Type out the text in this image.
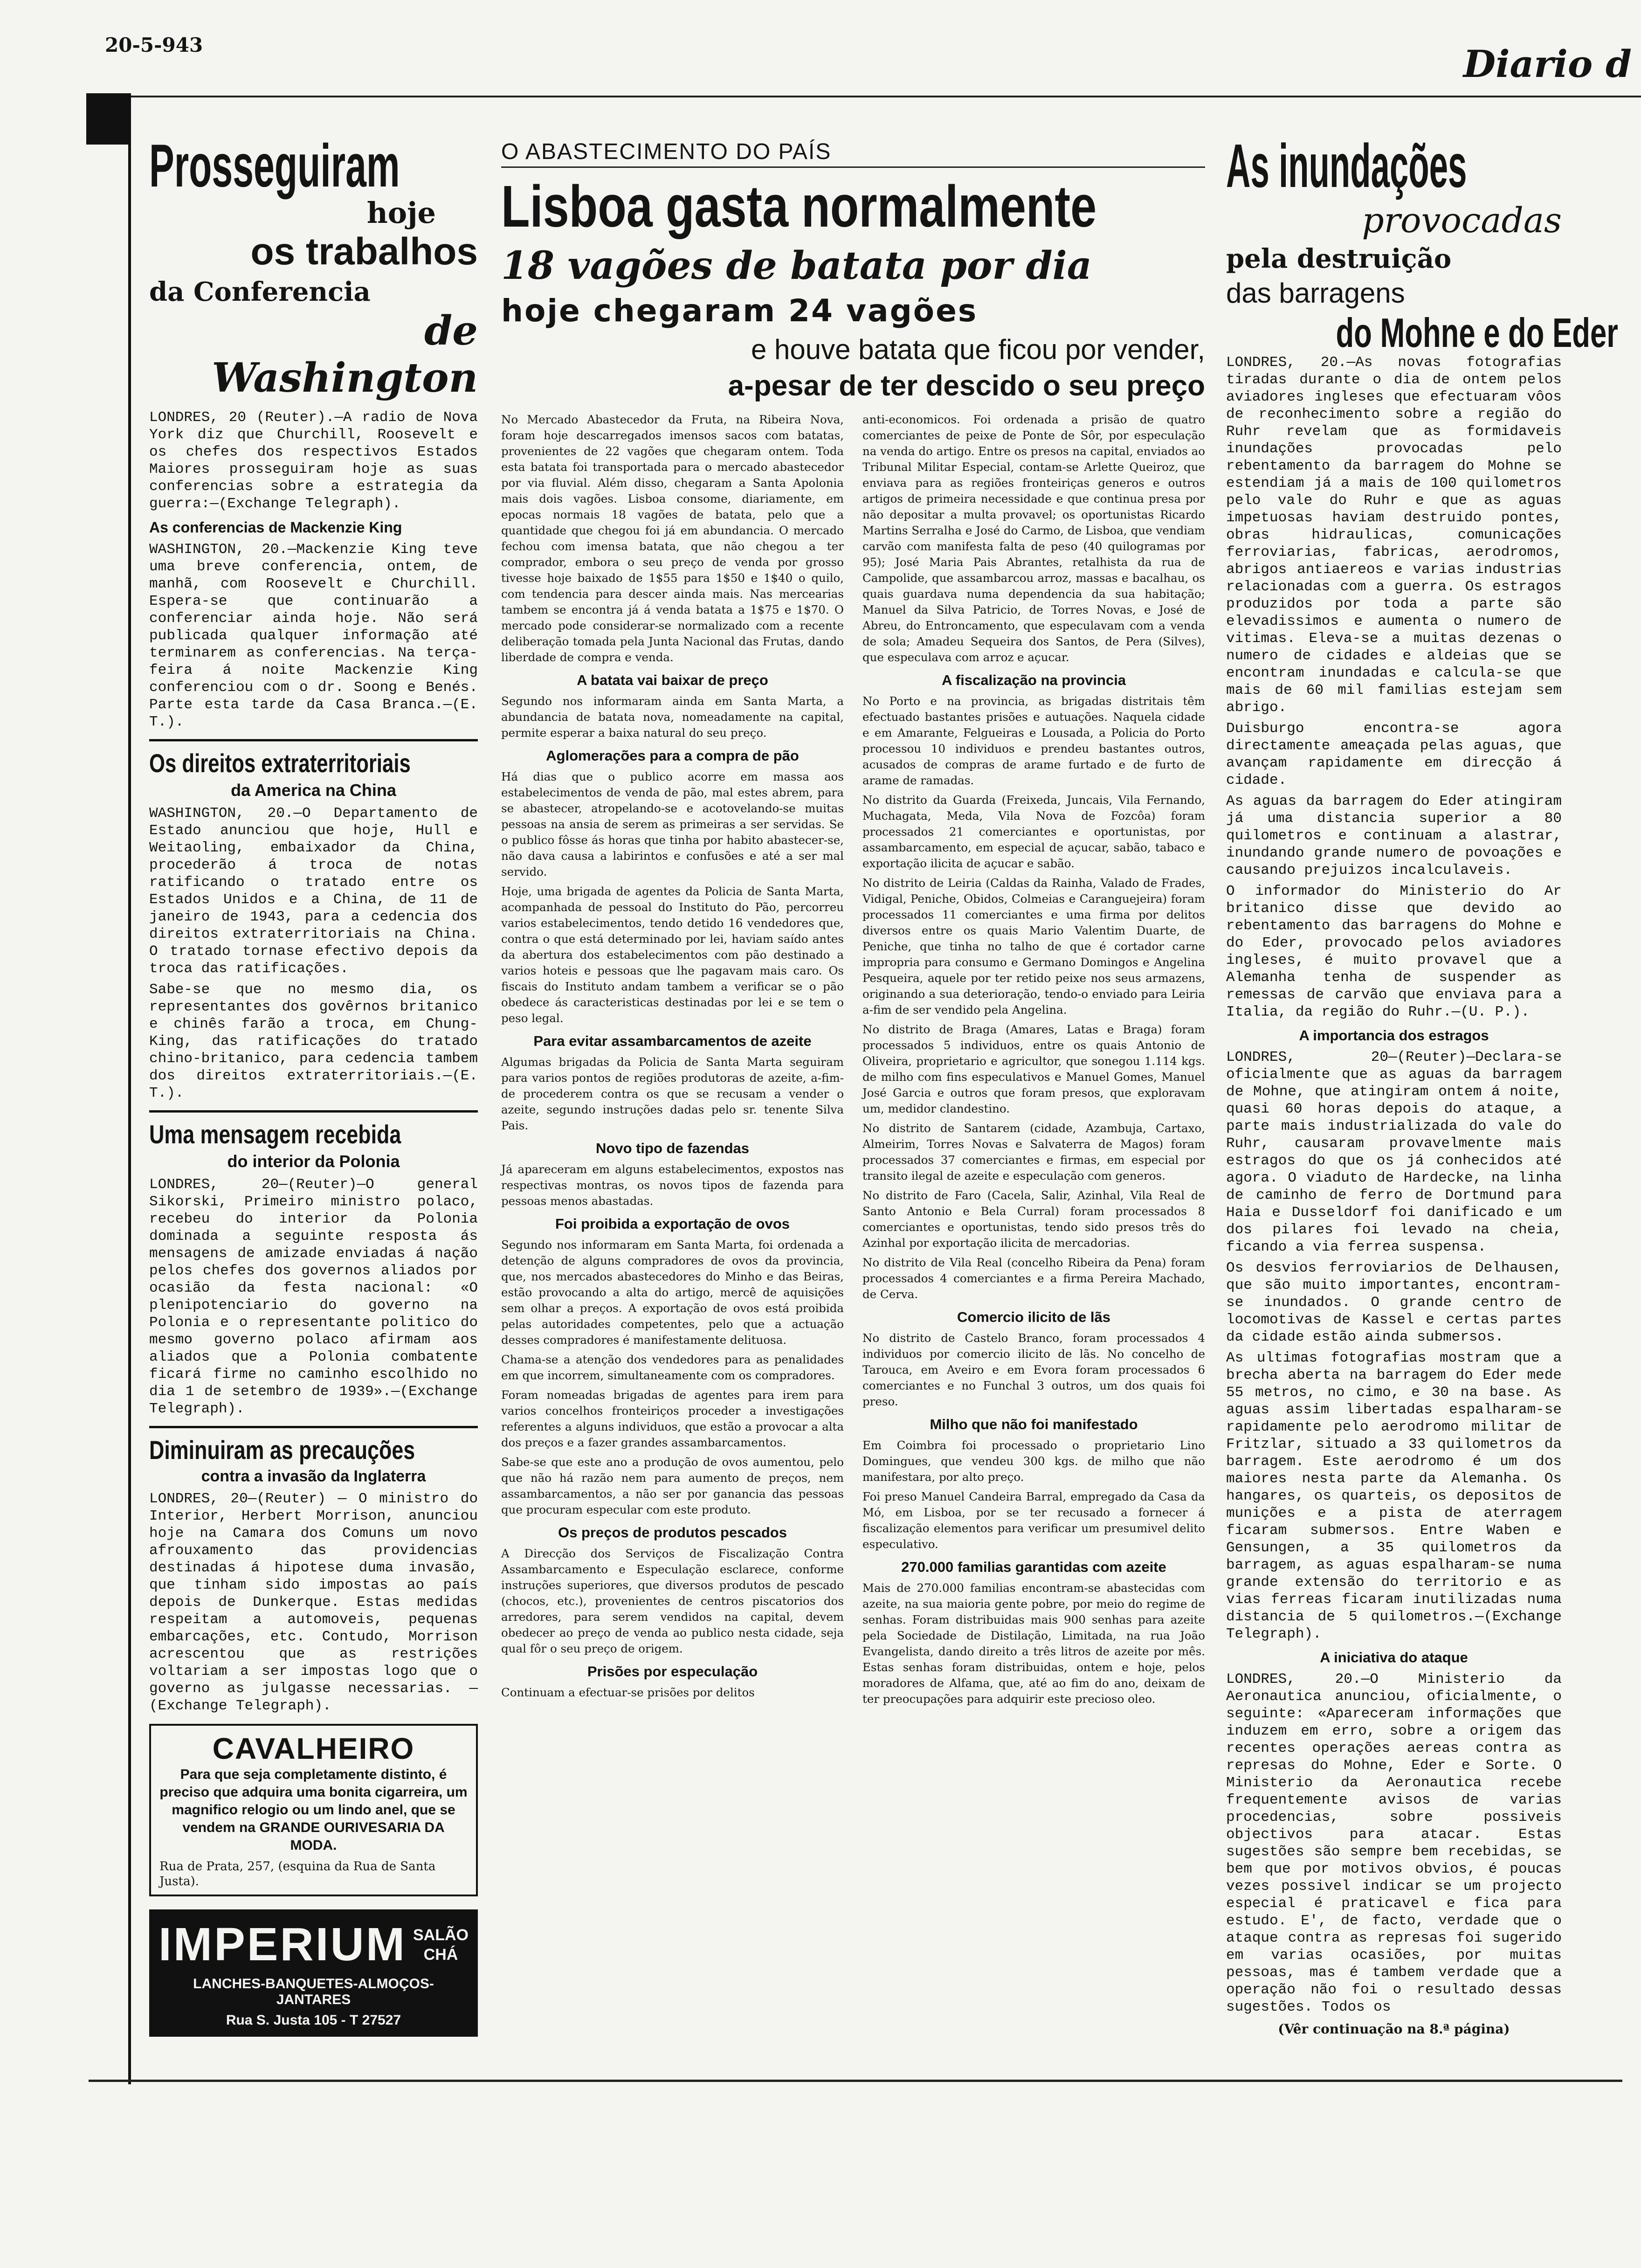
20-5-943	Diario d
Prosseguiram
hoje
os trabalhos
da Conferencia
de Washington

LONDRES, 20 (Reuter).—A radio de Nova York diz que Churchill, Roosevelt e os chefes dos respectivos Estados Maiores prosseguiram hoje as suas conferencias sobre a estrategia da guerra:—(Exchange Telegraph).

As conferencias de Mackenzie King

WASHINGTON, 20.—Mackenzie King teve uma breve conferencia, ontem, de manhã, com Roosevelt e Churchill. Espera-se que continuarão a conferenciar ainda hoje. Não será publicada qualquer informação até terminarem as conferencias. Na terça-feira á noite Mackenzie King conferenciou com o dr. Soong e Benés. Parte esta tarde da Casa Branca.—(E. T.).

Os direitos extraterritoriais
da America na China

WASHINGTON, 20.—O Departamento de Estado anunciou que hoje, Hull e Weitaoling, embaixador da China, procederão á troca de notas ratificando o tratado entre os Estados Unidos e a China, de 11 de janeiro de 1943, para a cedencia dos direitos extraterritoriais na China. O tratado tornase efectivo depois da troca das ratificações.

Sabe-se que no mesmo dia, os representantes dos govêrnos britanico e chinês farão a troca, em Chung-King, das ratificações do tratado chino-britanico, para cedencia tambem dos direitos extraterritoriais.—(E. T.).

Uma mensagem recebida
do interior da Polonia

LONDRES, 20—(Reuter)—O general Sikorski, Primeiro ministro polaco, recebeu do interior da Polonia dominada a seguinte resposta ás mensagens de amizade enviadas á nação pelos chefes dos governos aliados por ocasião da festa nacional: «O plenipotenciario do governo na Polonia e o representante politico do mesmo governo polaco afirmam aos aliados que a Polonia combatente ficará firme no caminho escolhido no dia 1 de setembro de 1939».—(Exchange Telegraph).

Diminuiram as precauções
contra a invasão da Inglaterra

LONDRES, 20—(Reuter) — O ministro do Interior, Herbert Morrison, anunciou hoje na Camara dos Comuns um novo afrouxamento das providencias destinadas á hipotese duma invasão, que tinham sido impostas ao país depois de Dunkerque. Estas medidas respeitam a automoveis, pequenas embarcações, etc. Contudo, Morrison acrescentou que as restrições voltariam a ser impostas logo que o governo as julgasse necessarias. — (Exchange Telegraph).

CAVALHEIRO
Para que seja completamente distinto, é preciso que adquira uma bonita cigarreira, um magnifico relogio ou um lindo anel, que se vendem na GRANDE OURIVESARIA DA MODA.
Rua de Prata, 257, (esquina da Rua de Santa Justa).
IMPERIUM SALÃO
CHÁ
LANCHES-BANQUETES-ALMOÇOS-JANTARES
Rua S. Justa 105 - T 27527
O ABASTECIMENTO DO PAÍS
Lisboa gasta normalmente
18 vagões de batata por dia
hoje chegaram 24 vagões
e houve batata que ficou por vender,
a-pesar de ter descido o seu preço

No Mercado Abastecedor da Fruta, na Ribeira Nova, foram hoje descarregados imensos sacos com batatas, provenientes de 22 vagões que chegaram ontem. Toda esta batata foi transportada para o mercado abastecedor por via fluvial. Além disso, chegaram a Santa Apolonia mais dois vagões. Lisboa consome, diariamente, em epocas normais 18 vagões de batata, pelo que a quantidade que chegou foi já em abundancia. O mercado fechou com imensa batata, que não chegou a ter comprador, embora o seu preço de venda por grosso tivesse hoje baixado de 1$55 para 1$50 e 1$40 o quilo, com tendencia para descer ainda mais. Nas mercearias tambem se encontra já á venda batata a 1$75 e 1$70. O mercado pode considerar-se normalizado com a recente deliberação tomada pela Junta Nacional das Frutas, dando liberdade de compra e venda.

A batata vai baixar de preço

Segundo nos informaram ainda em Santa Marta, a abundancia de batata nova, nomeadamente na capital, permite esperar a baixa natural do seu preço.

Aglomerações para a compra de pão

Há dias que o publico acorre em massa aos estabelecimentos de venda de pão, mal estes abrem, para se abastecer, atropelando-se e acotovelando-se muitas pessoas na ansia de serem as primeiras a ser servidas. Se o publico fôsse ás horas que tinha por habito abastecer-se, não dava causa a labirintos e confusões e até a ser mal servido.

Hoje, uma brigada de agentes da Policia de Santa Marta, acompanhada de pessoal do Instituto do Pão, percorreu varios estabelecimentos, tendo detido 16 vendedores que, contra o que está determinado por lei, haviam saído antes da abertura dos estabelecimentos com pão destinado a varios hoteis e pessoas que lhe pagavam mais caro. Os fiscais do Instituto andam tambem a verificar se o pão obedece ás caracteristicas destinadas por lei e se tem o peso legal.

Para evitar assambarcamentos de azeite

Algumas brigadas da Policia de Santa Marta seguiram para varios pontos de regiões produtoras de azeite, a-fim-de procederem contra os que se recusam a vender o azeite, segundo instruções dadas pelo sr. tenente Silva Pais.

Novo tipo de fazendas

Já apareceram em alguns estabelecimentos, expostos nas respectivas montras, os novos tipos de fazenda para pessoas menos abastadas.

Foi proibida a exportação de ovos

Segundo nos informaram em Santa Marta, foi ordenada a detenção de alguns compradores de ovos da provincia, que, nos mercados abastecedores do Minho e das Beiras, estão provocando a alta do artigo, mercê de aquisições sem olhar a preços. A exportação de ovos está proibida pelas autoridades competentes, pelo que a actuação desses compradores é manifestamente delituosa.

Chama-se a atenção dos vendedores para as penalidades em que incorrem, simultaneamente com os compradores.

Foram nomeadas brigadas de agentes para irem para varios concelhos fronteiriços proceder a investigações referentes a alguns individuos, que estão a provocar a alta dos preços e a fazer grandes assambarcamentos.

Sabe-se que este ano a produção de ovos aumentou, pelo que não há razão nem para aumento de preços, nem assambarcamentos, a não ser por ganancia das pessoas que procuram especular com este produto.

Os preços de produtos pescados

A Direcção dos Serviços de Fiscalização Contra Assambarcamento e Especulação esclarece, conforme instruções superiores, que diversos produtos de pescado (chocos, etc.), provenientes de centros piscatorios dos arredores, para serem vendidos na capital, devem obedecer ao preço de venda ao publico nesta cidade, seja qual fôr o seu preço de origem.

Prisões por especulação

Continuam a efectuar-se prisões por delitos

anti-economicos. Foi ordenada a prisão de quatro comerciantes de peixe de Ponte de Sôr, por especulação na venda do artigo. Entre os presos na capital, enviados ao Tribunal Militar Especial, contam-se Arlette Queiroz, que enviava para as regiões fronteiriças generos e outros artigos de primeira necessidade e que continua presa por não depositar a multa provavel; os oportunistas Ricardo Martins Serralha e José do Carmo, de Lisboa, que vendiam carvão com manifesta falta de peso (40 quilogramas por 95); José Maria Pais Abrantes, retalhista da rua de Campolide, que assambarcou arroz, massas e bacalhau, os quais guardava numa dependencia da sua habitação; Manuel da Silva Patricio, de Torres Novas, e José de Abreu, do Entroncamento, que especulavam com a venda de sola; Amadeu Sequeira dos Santos, de Pera (Silves), que especulava com arroz e açucar.

A fiscalização na provincia

No Porto e na provincia, as brigadas distritais têm efectuado bastantes prisões e autuações. Naquela cidade e em Amarante, Felgueiras e Lousada, a Policia do Porto processou 10 individuos e prendeu bastantes outros, acusados de compras de arame furtado e de furto de arame de ramadas.

No distrito da Guarda (Freixeda, Juncais, Vila Fernando, Muchagata, Meda, Vila Nova de Fozcôa) foram processados 21 comerciantes e oportunistas, por assambarcamento, em especial de açucar, sabão, tabaco e exportação ilicita de açucar e sabão.

No distrito de Leiria (Caldas da Rainha, Valado de Frades, Vidigal, Peniche, Obidos, Colmeias e Caranguejeira) foram processados 11 comerciantes e uma firma por delitos diversos entre os quais Mario Valentim Duarte, de Peniche, que tinha no talho de que é cortador carne impropria para consumo e Germano Domingos e Angelina Pesqueira, aquele por ter retido peixe nos seus armazens, originando a sua deterioração, tendo-o enviado para Leiria a-fim de ser vendido pela Angelina.

No distrito de Braga (Amares, Latas e Braga) foram processados 5 individuos, entre os quais Antonio de Oliveira, proprietario e agricultor, que sonegou 1.114 kgs. de milho com fins especulativos e Manuel Gomes, Manuel José Garcia e outros que foram presos, que exploravam um, medidor clandestino.

No distrito de Santarem (cidade, Azambuja, Cartaxo, Almeirim, Torres Novas e Salvaterra de Magos) foram processados 37 comerciantes e firmas, em especial por transito ilegal de azeite e especulação com generos.

No distrito de Faro (Cacela, Salir, Azinhal, Vila Real de Santo Antonio e Bela Curral) foram processados 8 comerciantes e oportunistas, tendo sido presos três do Azinhal por exportação ilicita de mercadorias.

No distrito de Vila Real (concelho Ribeira da Pena) foram processados 4 comerciantes e a firma Pereira Machado, de Cerva.

Comercio ilicito de lãs

No distrito de Castelo Branco, foram processados 4 individuos por comercio ilicito de lãs. No concelho de Tarouca, em Aveiro e em Evora foram processados 6 comerciantes e no Funchal 3 outros, um dos quais foi preso.

Milho que não foi manifestado

Em Coimbra foi processado o proprietario Lino Domingues, que vendeu 300 kgs. de milho que não manifestara, por alto preço.

Foi preso Manuel Candeira Barral, empregado da Casa da Mó, em Lisboa, por se ter recusado a fornecer á fiscalização elementos para verificar um presumivel delito especulativo.

270.000 familias garantidas com azeite

Mais de 270.000 familias encontram-se abastecidas com azeite, na sua maioria gente pobre, por meio do regime de senhas. Foram distribuidas mais 900 senhas para azeite pela Sociedade de Distilação, Limitada, na rua João Evangelista, dando direito a três litros de azeite por mês. Estas senhas foram distribuidas, ontem e hoje, pelos moradores de Alfama, que, até ao fim do ano, deixam de ter preocupações para adquirir este precioso oleo.

As inundações
provocadas
pela destruição
das barragens
do Mohne e do Eder

LONDRES, 20.—As novas fotografias tiradas durante o dia de ontem pelos aviadores ingleses que efectuaram vôos de reconhecimento sobre a região do Ruhr revelam que as formidaveis inundações provocadas pelo rebentamento da barragem do Mohne se estendiam já a mais de 100 quilometros pelo vale do Ruhr e que as aguas impetuosas haviam destruido pontes, obras hidraulicas, comunicações ferroviarias, fabricas, aerodromos, abrigos antiaereos e varias industrias relacionadas com a guerra. Os estragos produzidos por toda a parte são elevadissimos e aumenta o numero de vitimas. Eleva-se a muitas dezenas o numero de cidades e aldeias que se encontram inundadas e calcula-se que mais de 60 mil familias estejam sem abrigo.

Duisburgo encontra-se agora directamente ameaçada pelas aguas, que avançam rapidamente em direcção á cidade.

As aguas da barragem do Eder atingiram já uma distancia superior a 80 quilometros e continuam a alastrar, inundando grande numero de povoações e causando prejuizos incalculaveis.

O informador do Ministerio do Ar britanico disse que devido ao rebentamento das barragens do Mohne e do Eder, provocado pelos aviadores ingleses, é muito provavel que a Alemanha tenha de suspender as remessas de carvão que enviava para a Italia, da região do Ruhr.—(U. P.).

A importancia dos estragos

LONDRES, 20—(Reuter)—Declara-se oficialmente que as aguas da barragem de Mohne, que atingiram ontem á noite, quasi 60 horas depois do ataque, a parte mais industrializada do vale do Ruhr, causaram provavelmente mais estragos do que os já conhecidos até agora. O viaduto de Hardecke, na linha de caminho de ferro de Dortmund para Haia e Dusseldorf foi danificado e um dos pilares foi levado na cheia, ficando a via ferrea suspensa.

Os desvios ferroviarios de Delhausen, que são muito importantes, encontram-se inundados. O grande centro de locomotivas de Kassel e certas partes da cidade estão ainda submersos.

As ultimas fotografias mostram que a brecha aberta na barragem do Eder mede 55 metros, no cimo, e 30 na base. As aguas assim libertadas espalharam-se rapidamente pelo aerodromo militar de Fritzlar, situado a 33 quilometros da barragem. Este aerodromo é um dos maiores nesta parte da Alemanha. Os hangares, os quarteis, os depositos de munições e a pista de aterragem ficaram submersos. Entre Waben e Gensungen, a 35 quilometros da barragem, as aguas espalharam-se numa grande extensão do territorio e as vias ferreas ficaram inutilizadas numa distancia de 5 quilometros.—(Exchange Telegraph).

A iniciativa do ataque

LONDRES, 20.—O Ministerio da Aeronautica anunciou, oficialmente, o seguinte: «Apareceram informações que induzem em erro, sobre a origem das recentes operações aereas contra as represas do Mohne, Eder e Sorte. O Ministerio da Aeronautica recebe frequentemente avisos de varias procedencias, sobre possiveis objectivos para atacar. Estas sugestões são sempre bem recebidas, se bem que por motivos obvios, é poucas vezes possivel indicar se um projecto especial é praticavel e fica para estudo. E', de facto, verdade que o ataque contra as represas foi sugerido em varias ocasiões, por muitas pessoas, mas é tambem verdade que a operação não foi o resultado dessas sugestões. Todos os

(Vêr continuação na 8.ª página)
